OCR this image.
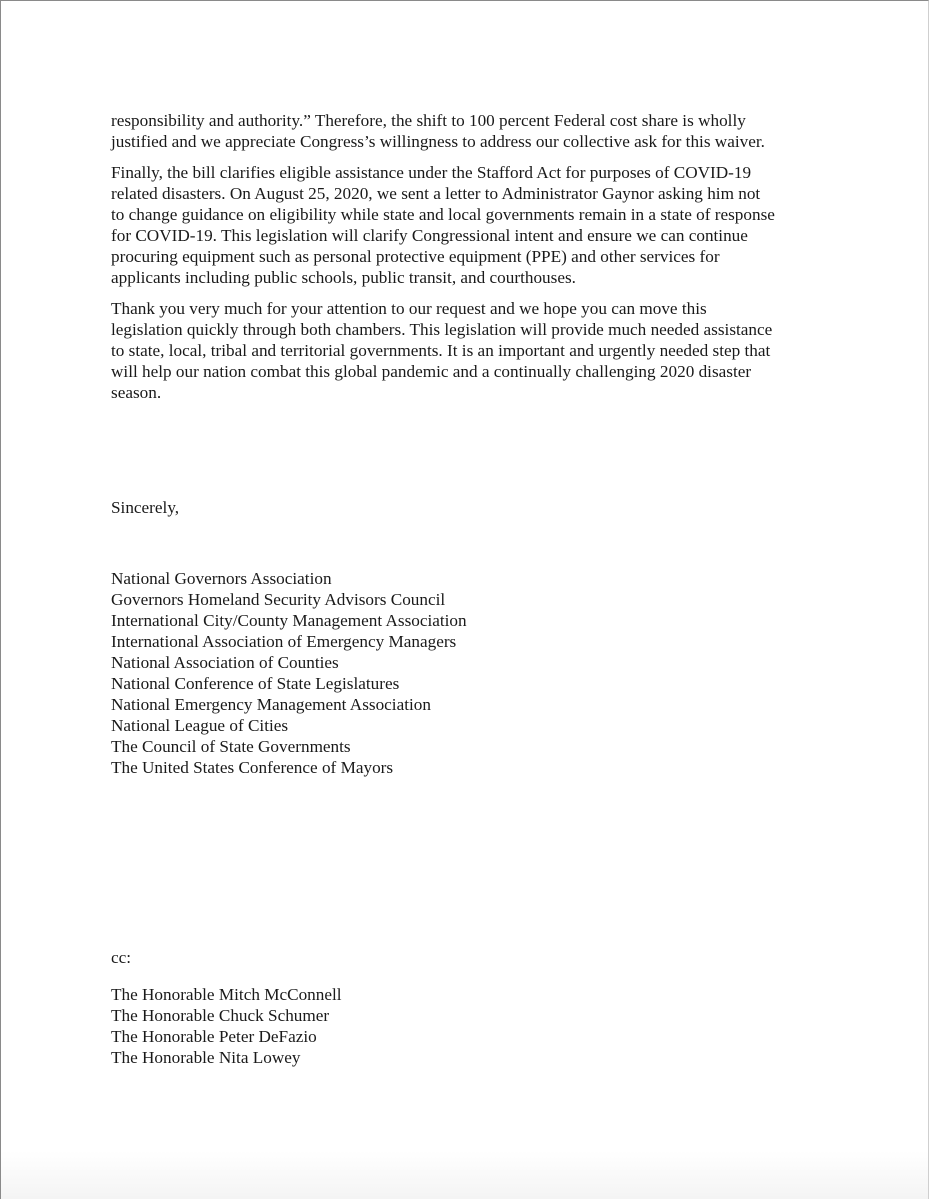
responsibility and authority.” Therefore, the shift to 100 percent Federal cost share is wholly
justified and we appreciate Congress’s willingness to address our collective ask for this waiver.

Finally, the bill clarifies eligible assistance under the Stafford Act for purposes of COVID-19
related disasters. On August 25, 2020, we sent a letter to Administrator Gaynor asking him not
to change guidance on eligibility while state and local governments remain in a state of response
for COVID-19. This legislation will clarify Congressional intent and ensure we can continue
procuring equipment such as personal protective equipment (PPE) and other services for
applicants including public schools, public transit, and courthouses.

Thank you very much for your attention to our request and we hope you can move this
legislation quickly through both chambers. This legislation will provide much needed assistance
to state, local, tribal and territorial governments. It is an important and urgently needed step that
will help our nation combat this global pandemic and a continually challenging 2020 disaster
season.

Sincerely,
National Governors Association
Governors Homeland Security Advisors Council
International City/County Management Association
International Association of Emergency Managers
National Association of Counties
National Conference of State Legislatures
National Emergency Management Association
National League of Cities
The Council of State Governments
The United States Conference of Mayors
cc:
The Honorable Mitch McConnell
The Honorable Chuck Schumer
The Honorable Peter DeFazio
The Honorable Nita Lowey
